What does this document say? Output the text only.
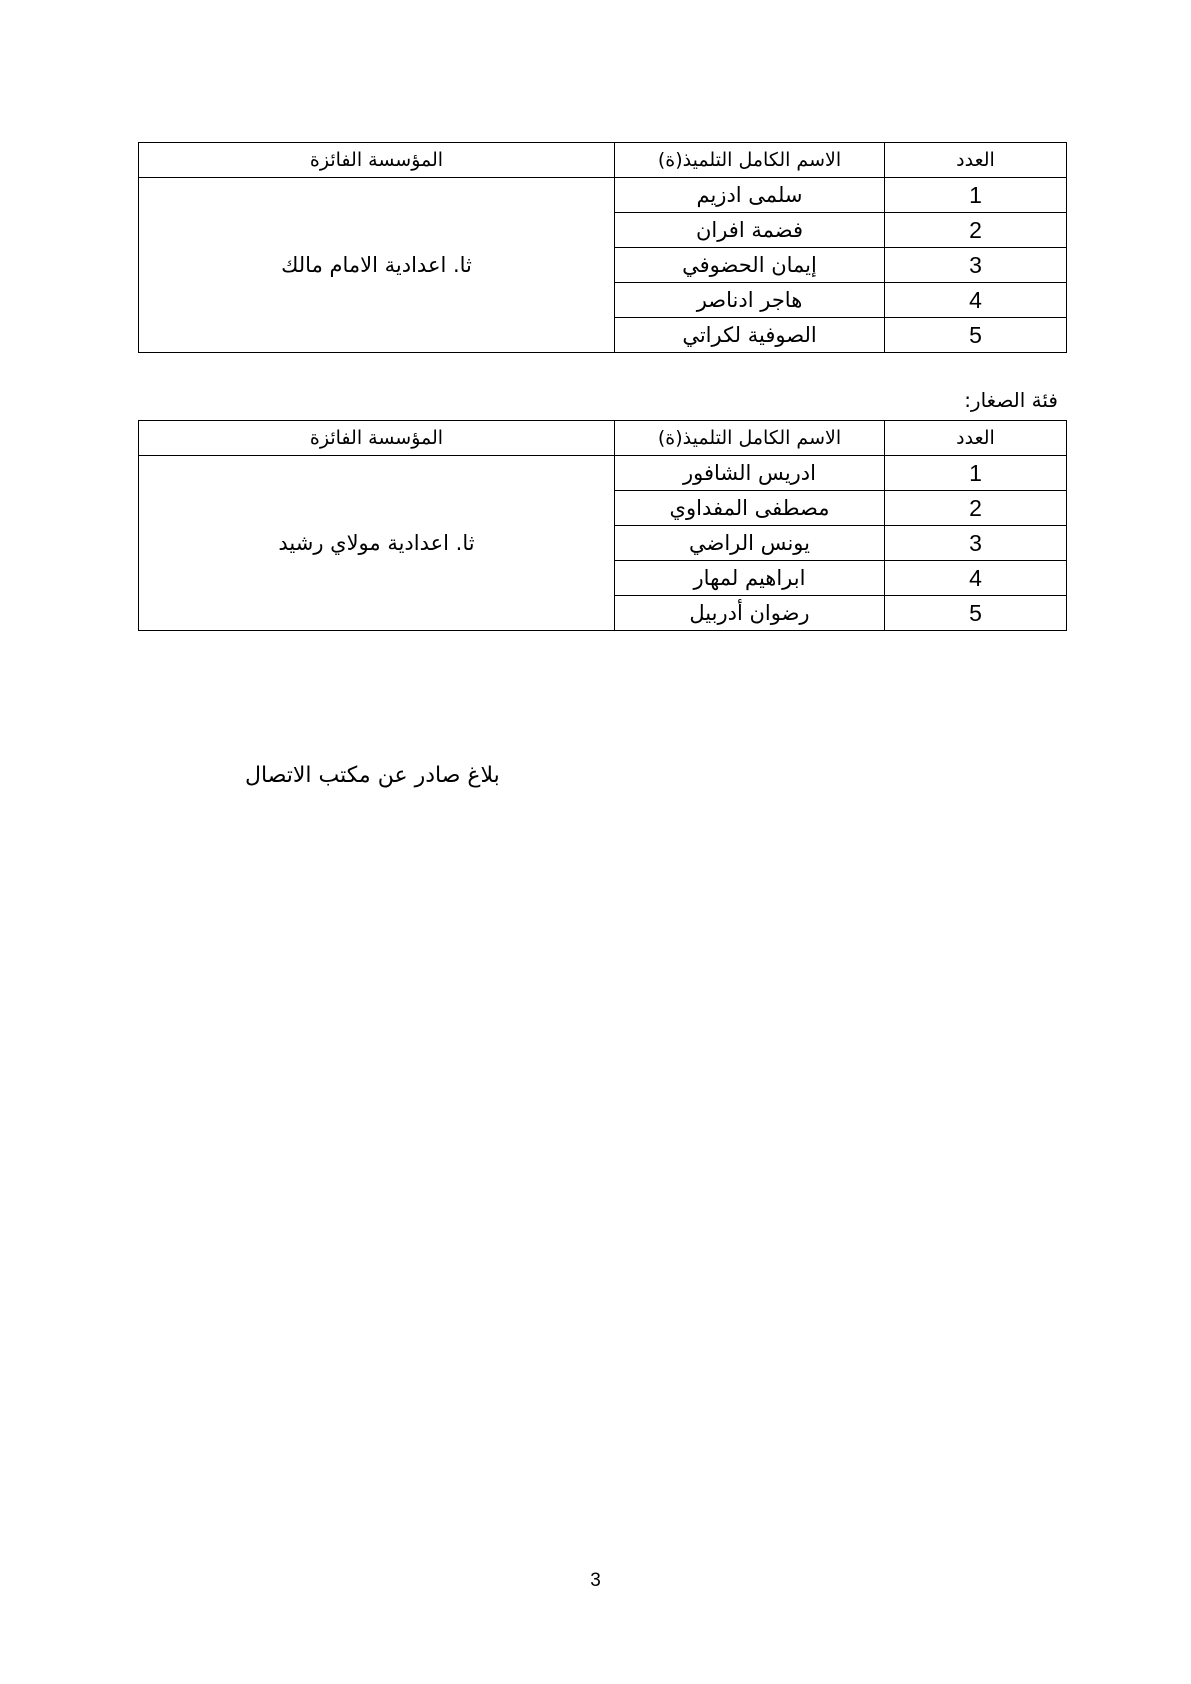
العدد	الاسم الكامل التلميذ(ة)	المؤسسة الفائزة
1	سلمى ادزيم	ثا. اعدادية الامام مالك
2	فضمة افران	
3	إيمان الحضوفي	
4	هاجر ادناصر	
5	الصوفية لكراتي	
فئة الصغار:
العدد	الاسم الكامل التلميذ(ة)	المؤسسة الفائزة
1	ادريس الشافور	ثا. اعدادية مولاي رشيد
2	مصطفى المفداوي	
3	يونس الراضي	
4	ابراهيم لمهار	
5	رضوان أدربيل	
بلاغ صادر عن مكتب الاتصال
3
